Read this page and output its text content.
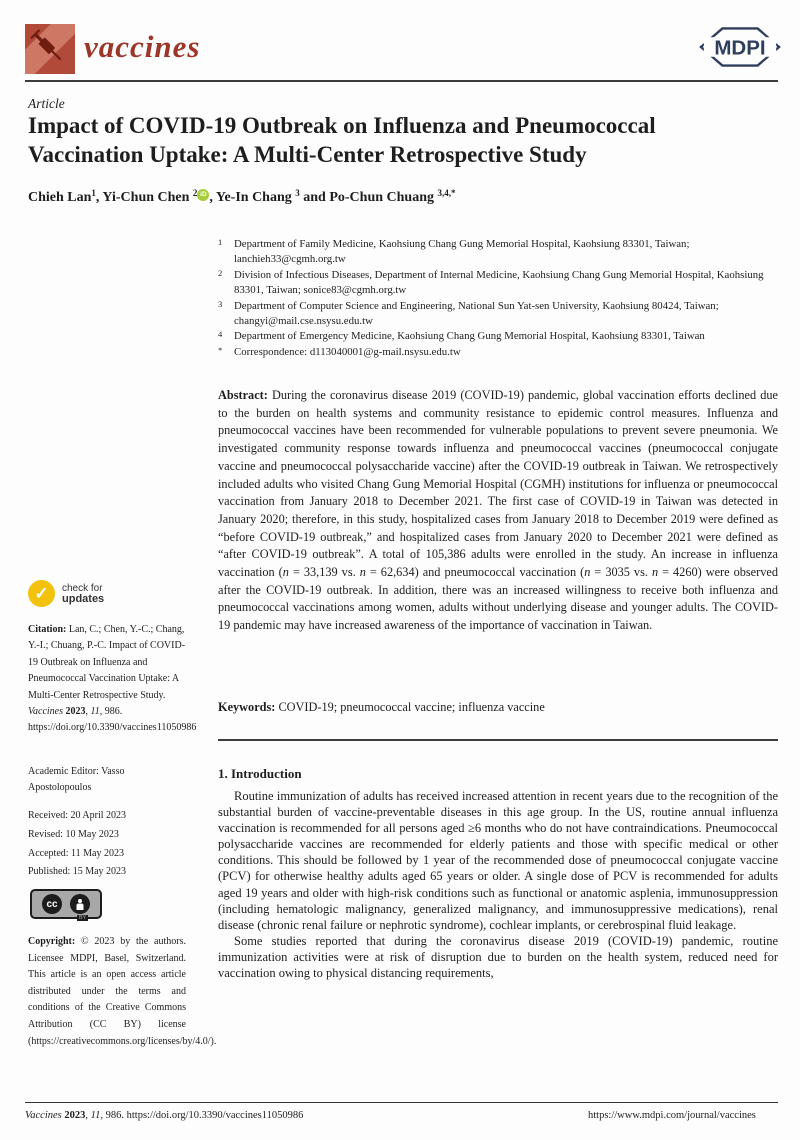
vaccines	MDPI
Article
Impact of COVID-19 Outbreak on Influenza and Pneumococcal Vaccination Uptake: A Multi-Center Retrospective Study
Chieh Lan$^1$, Yi-Chun Chen $^2$ iD , Ye-In Chang $^3$ and Po-Chun Chuang $^{3,4,*}$
1 Department of Family Medicine, Kaohsiung Chang Gung Memorial Hospital, Kaohsiung 83301, Taiwan; lanchieh33@cgmh.org.tw
2 Division of Infectious Diseases, Department of Internal Medicine, Kaohsiung Chang Gung Memorial Hospital, Kaohsiung 83301, Taiwan; sonice83@cgmh.org.tw
3 Department of Computer Science and Engineering, National Sun Yat-sen University, Kaohsiung 80424, Taiwan; changyi@mail.cse.nsysu.edu.tw
4 Department of Emergency Medicine, Kaohsiung Chang Gung Memorial Hospital, Kaohsiung 83301, Taiwan
* Correspondence: d113040001@g-mail.nsysu.edu.tw
Abstract: During the coronavirus disease 2019 (COVID-19) pandemic, global vaccination efforts declined due to the burden on health systems and community resistance to epidemic control measures. Influenza and pneumococcal vaccines have been recommended for vulnerable populations to prevent severe pneumonia. We investigated community response towards influenza and pneumococcal vaccines (pneumococcal conjugate vaccine and pneumococcal polysaccharide vaccine) after the COVID-19 outbreak in Taiwan. We retrospectively included adults who visited Chang Gung Memorial Hospital (CGMH) institutions for influenza or pneumococcal vaccination from January 2018 to December 2021. The first case of COVID-19 in Taiwan was detected in January 2020; therefore, in this study, hospitalized cases from January 2018 to December 2019 were defined as “before COVID-19 outbreak,” and hospitalized cases from January 2020 to December 2021 were defined as “after COVID-19 outbreak”. A total of 105,386 adults were enrolled in the study. An increase in influenza vaccination (n = 33,139 vs. n = 62,634) and pneumococcal vaccination (n = 3035 vs. n = 4260) were observed after the COVID-19 outbreak. In addition, there was an increased willingness to receive both influenza and pneumococcal vaccinations among women, adults without underlying disease and younger adults. The COVID-19 pandemic may have increased awareness of the importance of vaccination in Taiwan.
Keywords: COVID-19; pneumococcal vaccine; influenza vaccine
1. Introduction

Routine immunization of adults has received increased attention in recent years due to the recognition of the substantial burden of vaccine-preventable diseases in this age group. In the US, routine annual influenza vaccination is recommended for all persons aged ≥6 months who do not have contraindications. Pneumococcal polysaccharide vaccines are recommended for elderly patients and those with specific medical or other conditions. This should be followed by 1 year of the recommended dose of pneumococcal conjugate vaccine (PCV) for otherwise healthy adults aged 65 years or older. A single dose of PCV is recommended for adults aged 19 years and older with high-risk conditions such as functional or anatomic asplenia, immunosuppression (including hematologic malignancy, generalized malignancy, and immunosuppressive medications), renal disease (chronic renal failure or nephrotic syndrome), cochlear implants, or cerebrospinal fluid leakage.

Some studies reported that during the coronavirus disease 2019 (COVID-19) pandemic, routine immunization activities were at risk of disruption due to burden on the health system, reduced need for vaccination owing to physical distancing requirements,

✓	check for
updates
Citation: Lan, C.; Chen, Y.-C.; Chang, Y.-I.; Chuang, P.-C. Impact of COVID-19 Outbreak on Influenza and Pneumococcal Vaccination Uptake: A Multi-Center Retrospective Study. Vaccines 2023, 11, 986. https://doi.org/10.3390/vaccines11050986
Academic Editor: Vasso Apostolopoulos
Received: 20 April 2023
Revised: 10 May 2023
Accepted: 11 May 2023
Published: 15 May 2023
cc
BY
Copyright: © 2023 by the authors. Licensee MDPI, Basel, Switzerland. This article is an open access article distributed under the terms and conditions of the Creative Commons Attribution (CC BY) license (https://creativecommons.org/licenses/by/4.0/).
Vaccines 2023, 11, 986. https://doi.org/10.3390/vaccines11050986	https://www.mdpi.com/journal/vaccines
